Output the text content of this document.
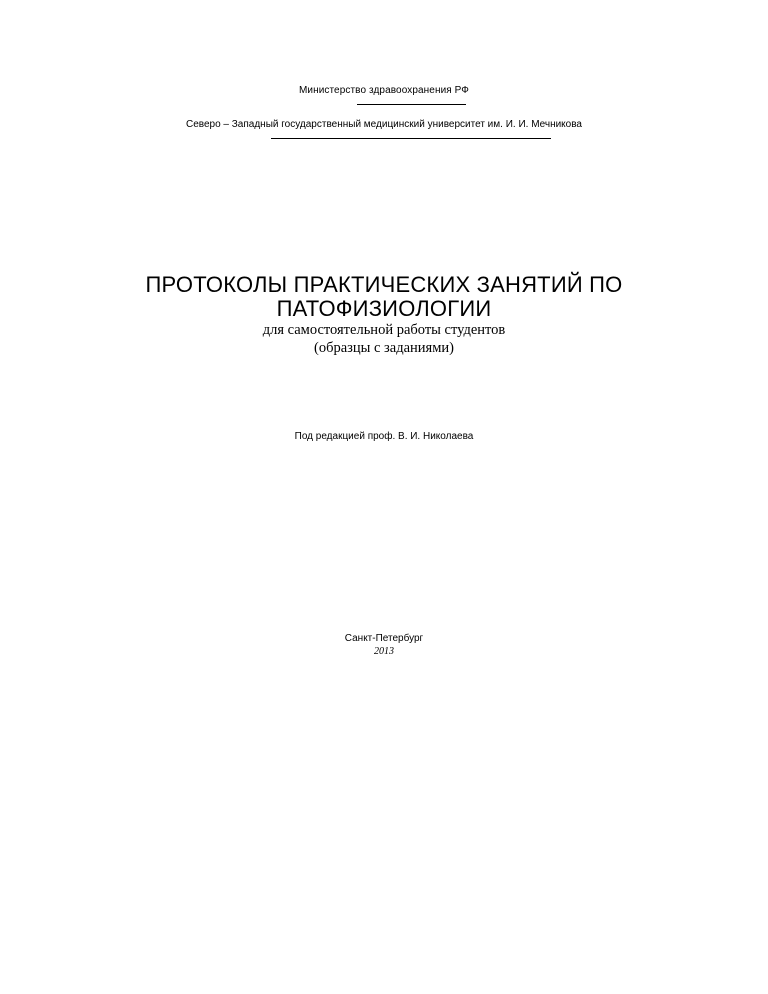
Министерство здравоохранения РФ
Северо – Западный государственный медицинский университет им. И. И. Мечникова
ПРОТОКОЛЫ ПРАКТИЧЕСКИХ ЗАНЯТИЙ ПО
ПАТОФИЗИОЛОГИИ
для самостоятельной работы студентов
(образцы с заданиями)
Под редакцией проф. В. И. Николаева
Санкт-Петербург
2013
